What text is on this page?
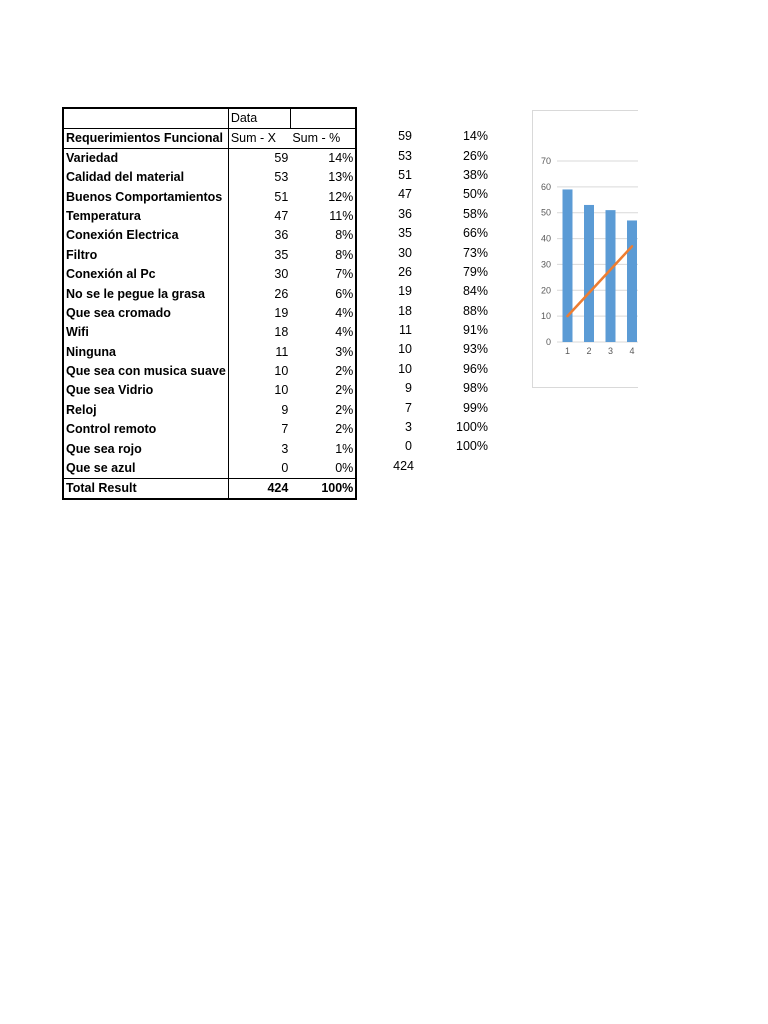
	Data	
Requerimientos Funcional	Sum - X	Sum - %
Variedad	59	14%
Calidad del material	53	13%
Buenos Comportamientos	51	12%
Temperatura	47	11%
Conexión Electrica	36	8%
Filtro	35	8%
Conexión al Pc	30	7%
No se le pegue la grasa	26	6%
Que sea cromado	19	4%
Wifi	18	4%
Ninguna	11	3%
Que sea con musica suave	10	2%
Que sea Vidrio	10	2%
Reloj	9	2%
Control remoto	7	2%
Que sea rojo	3	1%
Que se azul	0	0%
Total Result	424	100%
59	14%
53	26%
51	38%
47	50%
36	58%
35	66%
30	73%
26	79%
19	84%
18	88%
11	91%
10	93%
10	96%
9	98%
7	99%
3	100%
0	100%
424	
0
10
20
30
40
50
60
70
1 2 3 4
